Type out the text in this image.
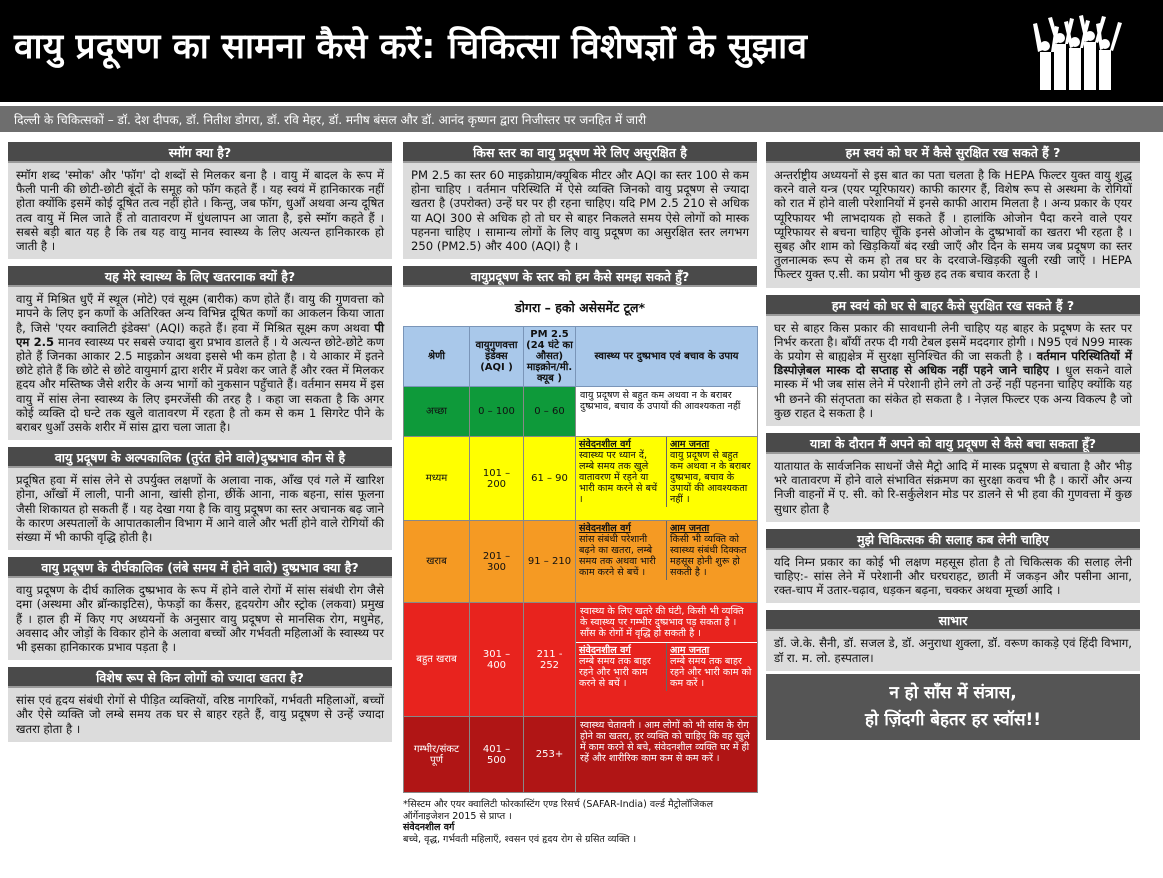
वायु प्रदूषण का सामना कैसे करें: चिकित्सा विशेषज्ञों के सुझाव
दिल्ली के चिकित्सकों – डॉ. देश दीपक, डॉ. नितीश डोगरा, डॉ. रवि मेहर, डॉ. मनीष बंसल और डॉ. आनंद कृष्णन द्वारा निजीस्तर पर जनहित में जारी
स्मॉग क्या है?
स्मॉग शब्द 'स्मोक' और 'फॉग' दो शब्दों से मिलकर बना है । वायु में बादल के रूप में फैली पानी की छोटी-छोटी बूंदों के समूह को फॉग कहते हैं । यह स्वयं में हानिकारक नहीं होता क्योंकि इसमें कोई दूषित तत्व नहीं होते । किन्तु, जब फॉग, धुआँ अथवा अन्य दूषित तत्व वायु में मिल जाते हैं तो वातावरण में धुंधलापन आ जाता है, इसे स्मॉग कहते हैं । सबसे बड़ी बात यह है कि तब यह वायु मानव स्वास्थ्य के लिए अत्यन्त हानिकारक हो जाती है ।
यह मेरे स्वास्थ्य के लिए खतरनाक क्यों है?
वायु में मिश्रित धुएँ में स्थूल (मोटे) एवं सूक्ष्म (बारीक) कण होते हैं। वायु की गुणवत्ता को मापने के लिए इन कणों के अतिरिक्त अन्य विभिन्न दूषित कणों का आकलन किया जाता है, जिसे 'एयर क्वालिटी इंडेक्स' (AQI) कहते हैं। हवा में मिश्रित सूक्ष्म कण अथवा पी एम 2.5 मानव स्वास्थ्य पर सबसे ज्यादा बुरा प्रभाव डालते हैं । ये अत्यन्त छोटे-छोटे कण होते हैं जिनका आकार 2.5 माइक्रोन अथवा इससे भी कम होता है । ये आकार में इतने छोटे होते हैं कि छोटे से छोटे वायुमार्ग द्वारा शरीर में प्रवेश कर जाते हैं और रक्त में मिलकर हृदय और मस्तिष्क जैसे शरीर के अन्य भागों को नुकसान पहुँचाते हैं। वर्तमान समय में इस वायु में सांस लेना स्वास्थ्य के लिए इमरजेंसी की तरह है । कहा जा सकता है कि अगर कोई व्यक्ति दो घन्टे तक खुले वातावरण में रहता है तो कम से कम 1 सिगरेट पीने के बराबर धुआँ उसके शरीर में सांस द्वारा चला जाता है।
वायु प्रदूषण के अल्पकालिक (तुरंत होने वाले)दुष्प्रभाव कौन से है
प्रदूषित हवा में सांस लेने से उपर्युक्त लक्षणों के अलावा नाक, आँख एवं गले में खारिश होना, आँखों में लाली, पानी आना, खांसी होना, छींकें आना, नाक बहना, सांस फूलना जैसी शिकायत हो सकती हैं । यह देखा गया है कि वायु प्रदूषण का स्तर अचानक बढ़ जाने के कारण अस्पतालों के आपातकालीन विभाग में आने वाले और भर्ती होने वाले रोगियों की संख्या में भी काफी वृद्धि होती है।
वायु प्रदूषण के दीर्घकालिक (लंबे समय में होने वाले) दुष्प्रभाव क्या है?
वायु प्रदूषण के दीर्घ कालिक दुष्प्रभाव के रूप में होने वाले रोगों में सांस संबंधी रोग जैसे दमा (अस्थमा और ब्रॉन्काइटिस), फेफड़ों का कैंसर, हृदयरोग और स्ट्रोक (लकवा) प्रमुख हैं । हाल ही में किए गए अध्ययनों के अनुसार वायु प्रदूषण से मानसिक रोग, मधुमेह, अवसाद और जोड़ों के विकार होने के अलावा बच्चों और गर्भवती महिलाओं के स्वास्थ्य पर भी इसका हानिकारक प्रभाव पड़ता है ।
विशेष रूप से किन लोगों को ज्यादा खतरा है?
सांस एवं हृदय संबंधी रोगों से पीड़ित व्यक्तियों, वरिष्ठ नागरिकों, गर्भवती महिलाओं, बच्चों और ऐसे व्यक्ति जो लम्बे समय तक घर से बाहर रहते हैं, वायु प्रदूषण से उन्हें ज्यादा खतरा होता है ।
किस स्तर का वायु प्रदूषण मेरे लिए असुरक्षित है
PM 2.5 का स्तर 60 माइक्रोग्राम/क्यूबिक मीटर और AQI का स्तर 100 से कम होना चाहिए । वर्तमान परिस्थिति में ऐसे व्यक्ति जिनको वायु प्रदूषण से ज्यादा खतरा है (उपरोक्त) उन्हें घर पर ही रहना चाहिए। यदि PM 2.5 210 से अधिक या AQI 300 से अधिक हो तो घर से बाहर निकलते समय ऐसे लोगों को मास्क पहनना चाहिए । सामान्य लोगों के लिए वायु प्रदूषण का असुरक्षित स्तर लगभग 250 (PM2.5) और 400 (AQI) है ।
वायुप्रदूषण के स्तर को हम कैसे समझ सकते हुँ?
डोगरा – हको असेसमेंट टूल*
श्रेणी	वायुगुणवत्ता इंडेक्स (AQI )	PM 2.5 (24 घंटे का औसत) माइक्रोन/मी. क्यूब )	स्वास्थ्य पर दुष्प्रभाव एवं बचाव के उपाय
अच्छा	0 – 100	0 – 60	वायु प्रदूषण से बहुत कम अथवा न के बराबर दुष्प्रभाव, बचाव के उपायों की आवश्यकता नहीं

मध्यम	101 – 200	61 – 90	संवेदनशील वर्ग
स्वास्थ्य पर ध्यान दें, लम्बे समय तक खुले वातावरण में रहने या भारी काम करने से बचें ।
आम जनता
वायु प्रदूषण से बहुत कम अथवा न के बराबर दुष्प्रभाव, बचाव के उपायों की आवश्यकता नहीं ।

खराब	201 – 300	91 – 210	संवेदनशील वर्ग
सांस संबंधी परेशानी बढ़ने का खतरा, लम्बे समय तक अथवा भारी काम करने से बचें ।
आम जनता
किसी भी व्यक्ति को स्वास्थ्य संबंधी दिक्कत महसूस होनी शुरू हो सकती है ।

बहुत खराब	301 – 400	211 - 252	स्वास्थ्य के लिए खतरे की घंटी, किसी भी व्यक्ति के स्वास्थ्य पर गम्भीर दुष्प्रभाव पड़ सकता है । साँस के रोगों में वृद्धि हो सकती है ।
संवेदनशील वर्ग
लम्बे समय तक बाहर रहने और भारी काम करने से बचें ।
आम जनता
लम्बे समय तक बाहर रहने और भारी काम को कम करें ।

गम्भीर/संकट पूर्ण	401 – 500	253+	स्वास्थ्य चेतावनी । आम लोगों को भी सांस के रोग होने का खतरा, हर व्यक्ति को चाहिए कि वह खुले में काम करने से बचे, संवेदनशील व्यक्ति घर में ही रहें और शारीरिक काम कम से कम करें ।
*सिस्टम और एयर क्वालिटी फोरकास्टिंग एण्ड रिसर्च (SAFAR-India) वर्ल्ड मैट्रोलॉजिकल ऑर्गेनाइजेशन 2015 से प्राप्त ।
संवेदनशील वर्ग
बच्चे, वृद्ध, गर्भवती महिलाएँ, श्वसन एवं हृदय रोग से ग्रसित व्यक्ति ।
हम स्वयं को घर में कैसे सुरक्षित रख सकते हैं ?
अन्तर्राष्ट्रीय अध्ययनों से इस बात का पता चलता है कि HEPA फिल्टर युक्त वायु शुद्ध करने वाले यन्त्र (एयर प्यूरिफायर) काफी कारगर हैं, विशेष रूप से अस्थमा के रोगियों को रात में होने वाली परेशानियों में इनसे काफी आराम मिलता है । अन्य प्रकार के एयर प्यूरिफायर भी लाभदायक हो सकते हैं । हालांकि ओजोन पैदा करने वाले एयर प्यूरिफायर से बचना चाहिए चूँकि इनसे ओजोन के दुष्प्रभावों का खतरा भी रहता है । सुबह और शाम को खिड़कियाँ बंद रखी जाएँ और दिन के समय जब प्रदूषण का स्तर तुलनात्मक रूप से कम हो तब घर के दरवाजे-खिड़की खुली रखी जाएँ । HEPA फिल्टर युक्त ए.सी. का प्रयोग भी कुछ हद तक बचाव करता है ।
हम स्वयं को घर से बाहर कैसे सुरक्षित रख सकते हैं ?
घर से बाहर किस प्रकार की सावधानी लेनी चाहिए यह बाहर के प्रदूषण के स्तर पर निर्भर करता है। बाँयीं तरफ दी गयी टेबल इसमें मददगार होगी । N95 एवं N99 मास्क के प्रयोग से बाह्यक्षेत्र में सुरक्षा सुनिश्चित की जा सकती है । वर्तमान परिस्थितियों में डिस्पोज़ेबल मास्क दो सप्ताह से अधिक नहीं पहने जाने चाहिए । धुल सकने वाले मास्क में भी जब सांस लेने में परेशानी होने लगे तो उन्हें नहीं पहनना चाहिए क्योंकि यह भी छनने की संतृप्तता का संकेत हो सकता है । नेज़ल फिल्टर एक अन्य विकल्प है जो कुछ राहत दे सकता है ।
यात्रा के दौरान मैं अपने को वायु प्रदूषण से कैसे बचा सकता हूँ?
यातायात के सार्वजनिक साधनों जैसे मैट्रो आदि में मास्क प्रदूषण से बचाता है और भीड़ भरे वातावरण में होने वाले संभावित संक्रमण का सुरक्षा कवच भी है । कारों और अन्य निजी वाहनों में ए. सी. को रि-सर्कुलेशन मोड पर डालने से भी हवा की गुणवत्ता में कुछ सुधार होता है
मुझे चिकित्सक की सलाह कब लेनी चाहिए
यदि निम्न प्रकार का कोई भी लक्षण महसूस होता है तो चिकित्सक की सलाह लेनी चाहिए:- सांस लेने में परेशानी और घरघराहट, छाती में जकड़न और पसीना आना, रक्त-चाप में उतार-चढ़ाव, धड़कन बढ़ना, चक्कर अथवा मूर्च्छा आदि ।
साभार
डॉ. जे.के. सैनी, डॉ. सजल डे, डॉ. अनुराधा शुक्ला, डॉ. वरूण काकड़े एवं हिंदी विभाग, डॉ रा. म. लो. हस्पताल।
न हो साँस में संत्रास,
हो ज़िंदगी बेहतर हर स्वॉस!!
